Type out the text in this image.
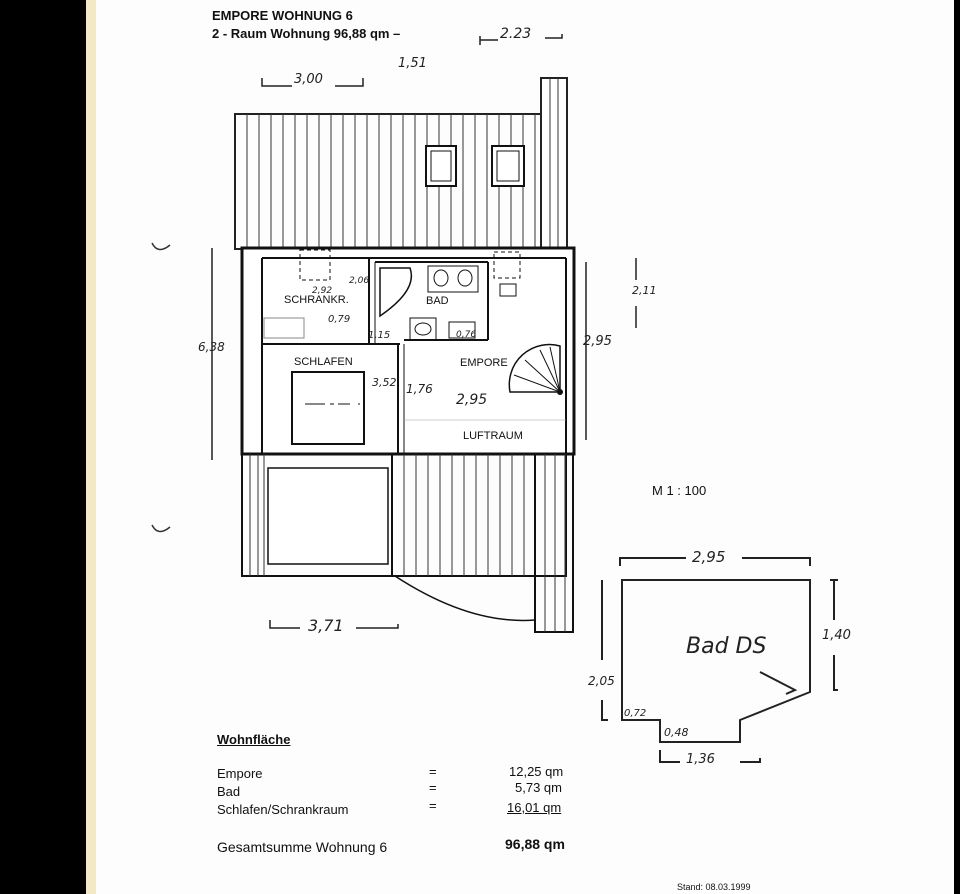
EMPORE WOHNUNG 6
2 - Raum Wohnung 96,88 qm –	2.23
1,51
3,00
6,38
2,11
2,95
2,92
2,06
0,79
1,15	0,76
3,52 1,76
2,95
3,71
SCHRANKR.	BAD
SCHLAFEN	EMPORE
LUFTRAUM
M 1 : 100
Bad DS
2,95
1,40
2,05
0,72
0,48
1,36
Wohnfläche
Empore	=	12,25 qm
Bad	=	5,73 qm
Schlafen/Schrankraum	=	16,01 qm
Gesamtsumme Wohnung 6	96,88 qm
Stand: 08.03.1999
